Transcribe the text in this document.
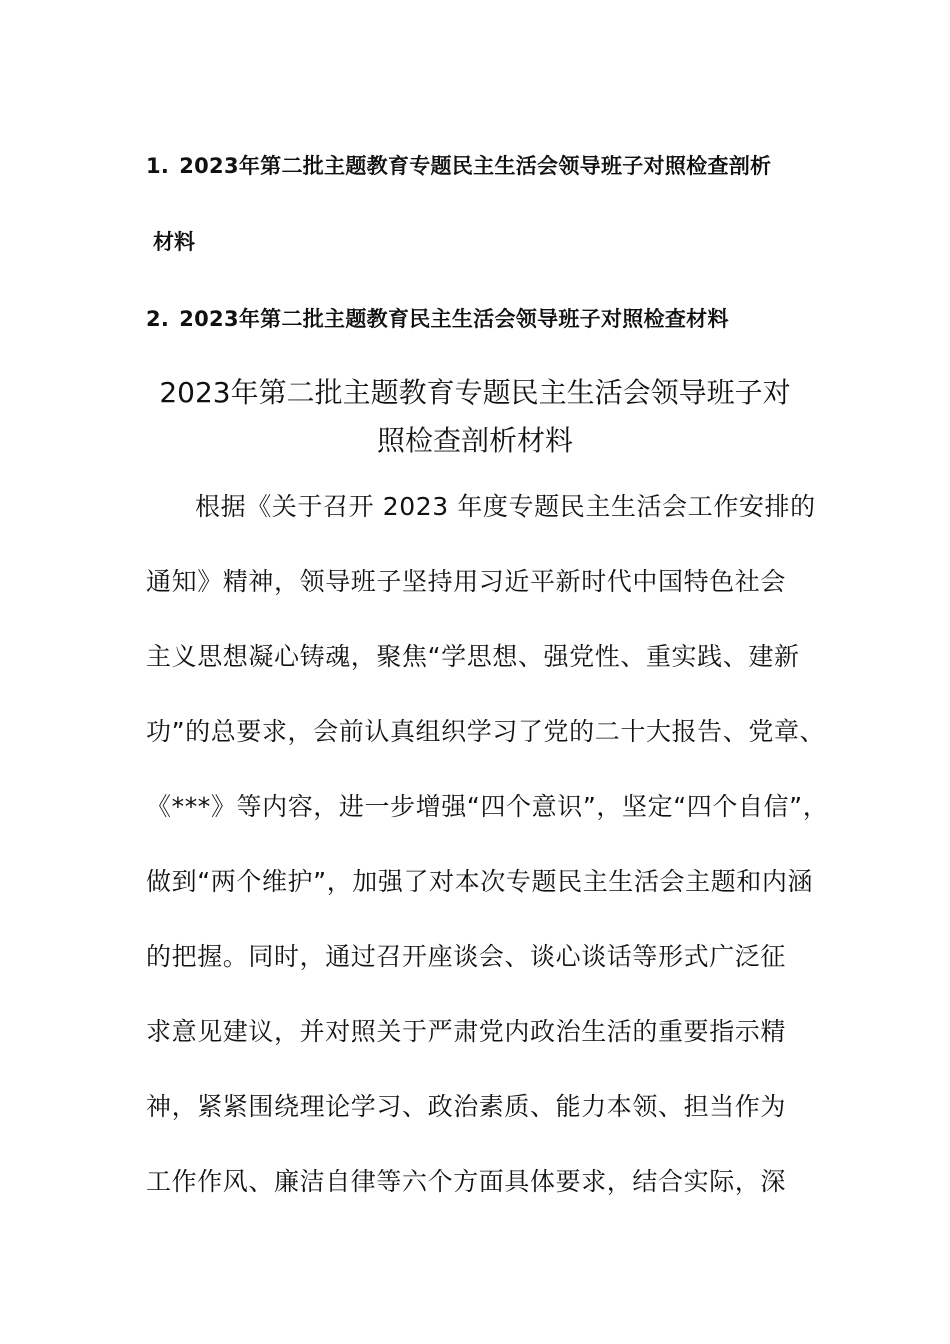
1. 2023年第二批主题教育专题民主生活会领导班子对照检查剖析
材料
2. 2023年第二批主题教育民主生活会领导班子对照检查材料
2023年第二批主题教育专题民主生活会领导班子对
照检查剖析材料
根据《关于召开 2023 年度专题民主生活会工作安排的
通知》精神，领导班子坚持用习近平新时代中国特色社会
主义思想凝心铸魂，聚焦“学思想、强党性、重实践、建新
功”的总要求，会前认真组织学习了党的二十大报告、党章、
《***》等内容，进一步增强“四个意识”，坚定“四个自信”，
做到“两个维护”，加强了对本次专题民主生活会主题和内涵
的把握。同时，通过召开座谈会、谈心谈话等形式广泛征
求意见建议，并对照关于严肃党内政治生活的重要指示精
神，紧紧围绕理论学习、政治素质、能力本领、担当作为
工作作风、廉洁自律等六个方面具体要求，结合实际，深
